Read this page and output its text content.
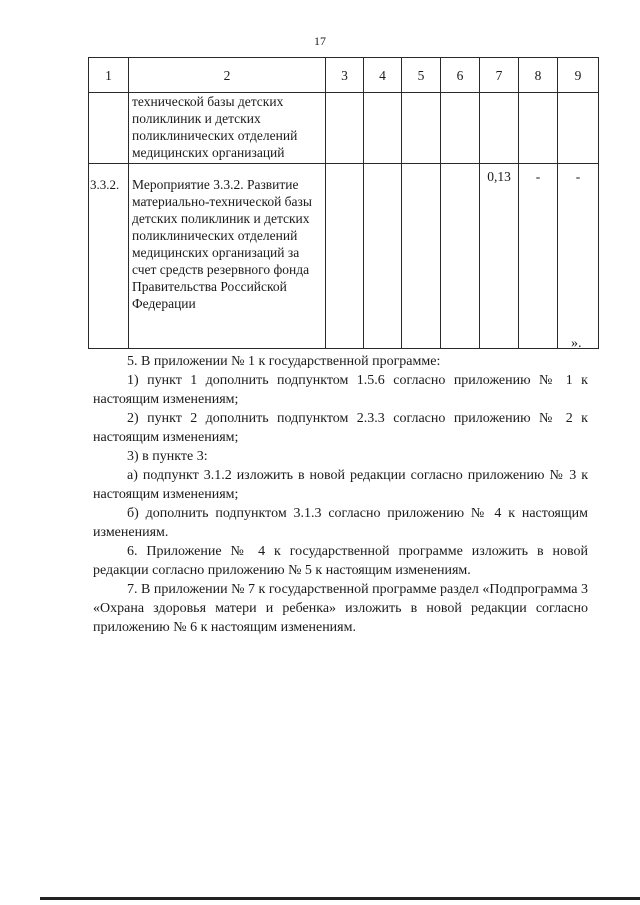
17
1	2	3	4	5	6	7	8	9
	технической базы детских поликлиник и детских поликлинических отделений медицинских организаций							
3.3.2.	Мероприятие 3.3.2. Развитие материально-технической базы детских поликлиник и детских поликлинических отделений медицинских организаций за счет средств резервного фонда Правительства Российской Федерации					0,13	-	-
».

5. В приложении № 1 к государственной программе:

1) пункт 1 дополнить подпунктом 1.5.6 согласно приложению № 1 к настоящим изменениям;

2) пункт 2 дополнить подпунктом 2.3.3 согласно приложению № 2 к настоящим изменениям;

3) в пункте 3:

а) подпункт 3.1.2 изложить в новой редакции согласно приложению № 3 к настоящим изменениям;

б) дополнить подпунктом 3.1.3 согласно приложению № 4 к настоящим изменениям.

6. Приложение № 4 к государственной программе изложить в новой редакции согласно приложению № 5 к настоящим изменениям.

7. В приложении № 7 к государственной программе раздел «Подпрограмма 3 «Охрана здоровья матери и ребенка» изложить в новой редакции согласно приложению № 6 к настоящим изменениям.
